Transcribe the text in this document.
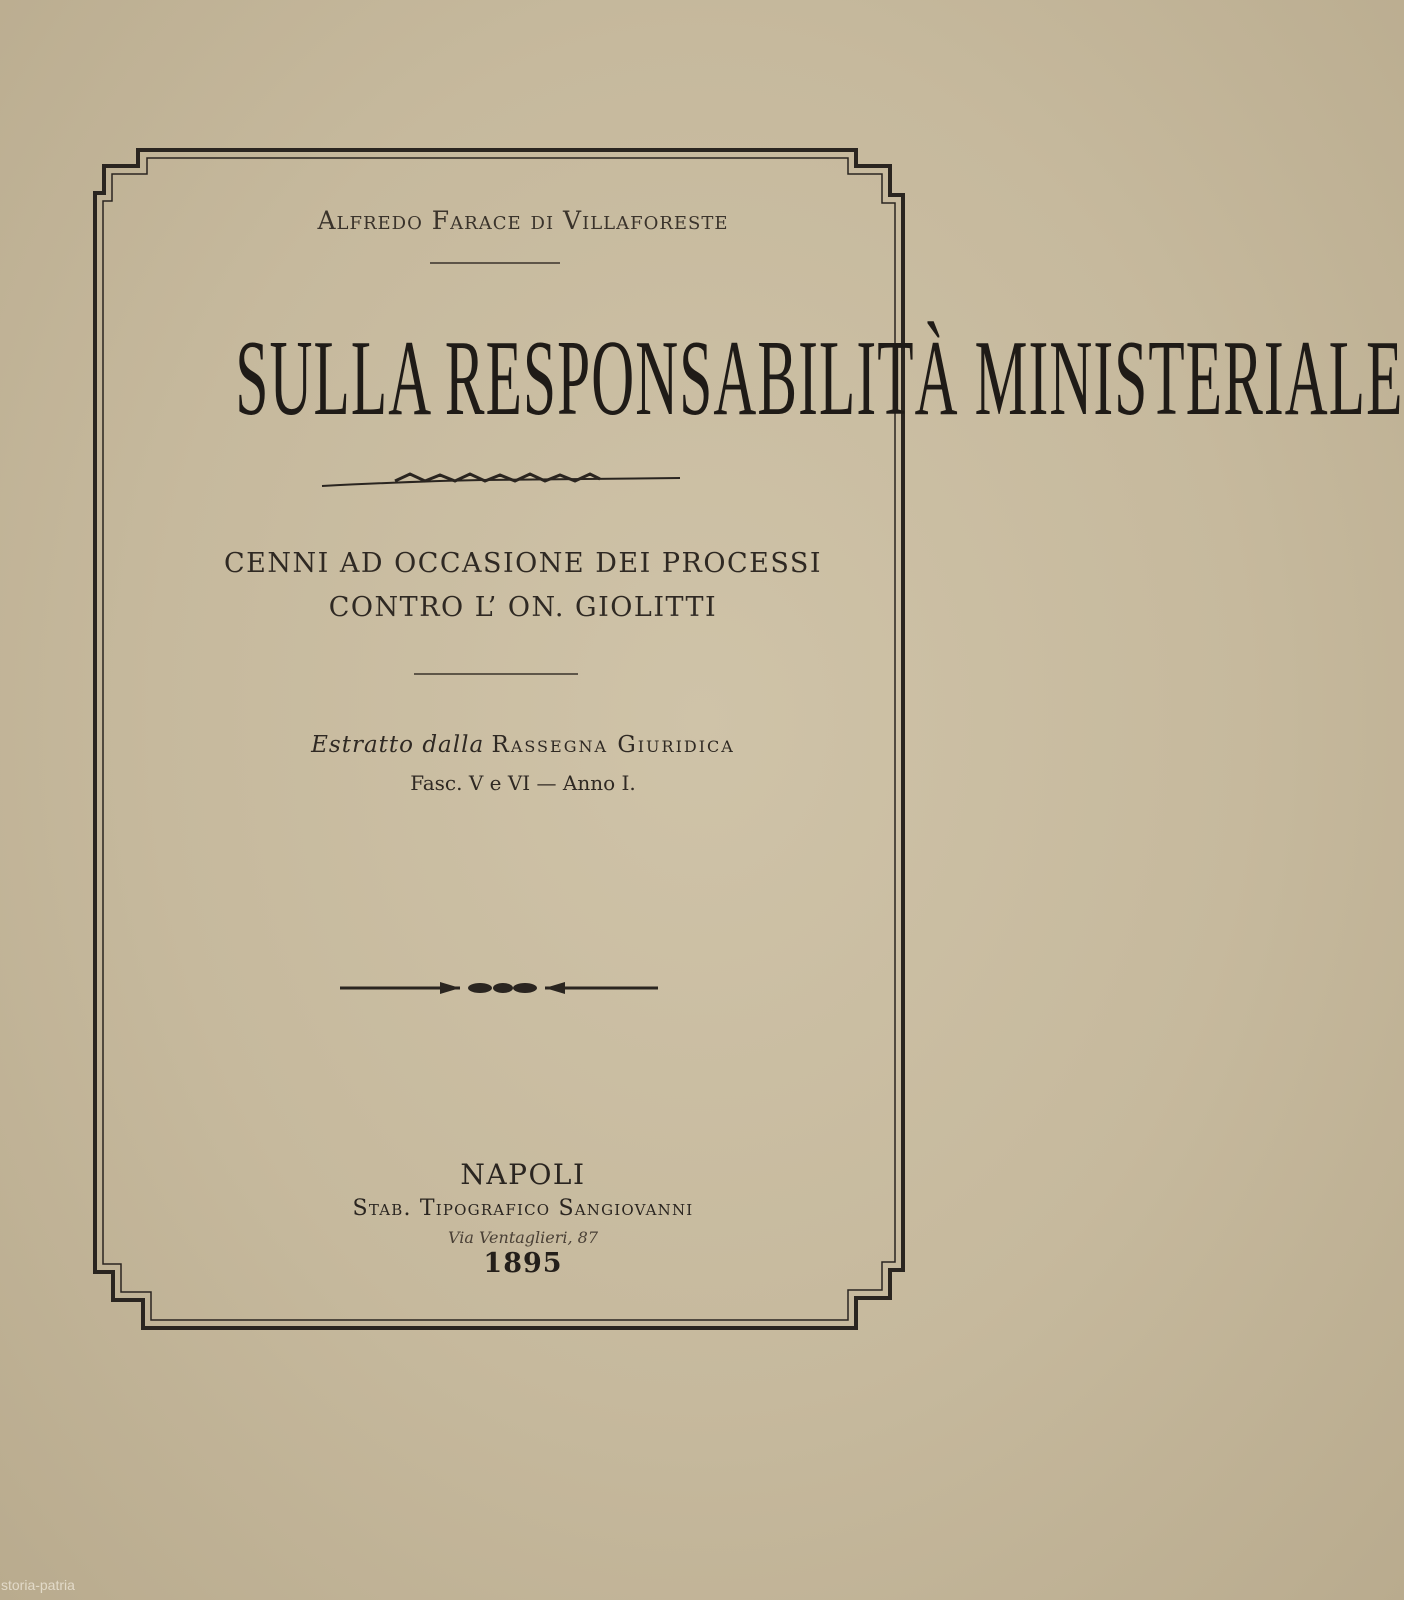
Alfredo Farace di Villaforeste
SULLA RESPONSABILITÀ MINISTERIALE
CENNI AD OCCASIONE DEI PROCESSI
CONTRO L’ ON. GIOLITTI
Estratto dalla Rassegna Giuridica
Fasc. V e VI — Anno I.
NAPOLI
Stab. Tipografico Sangiovanni
Via Ventaglieri, 87
1895
storia-patria
